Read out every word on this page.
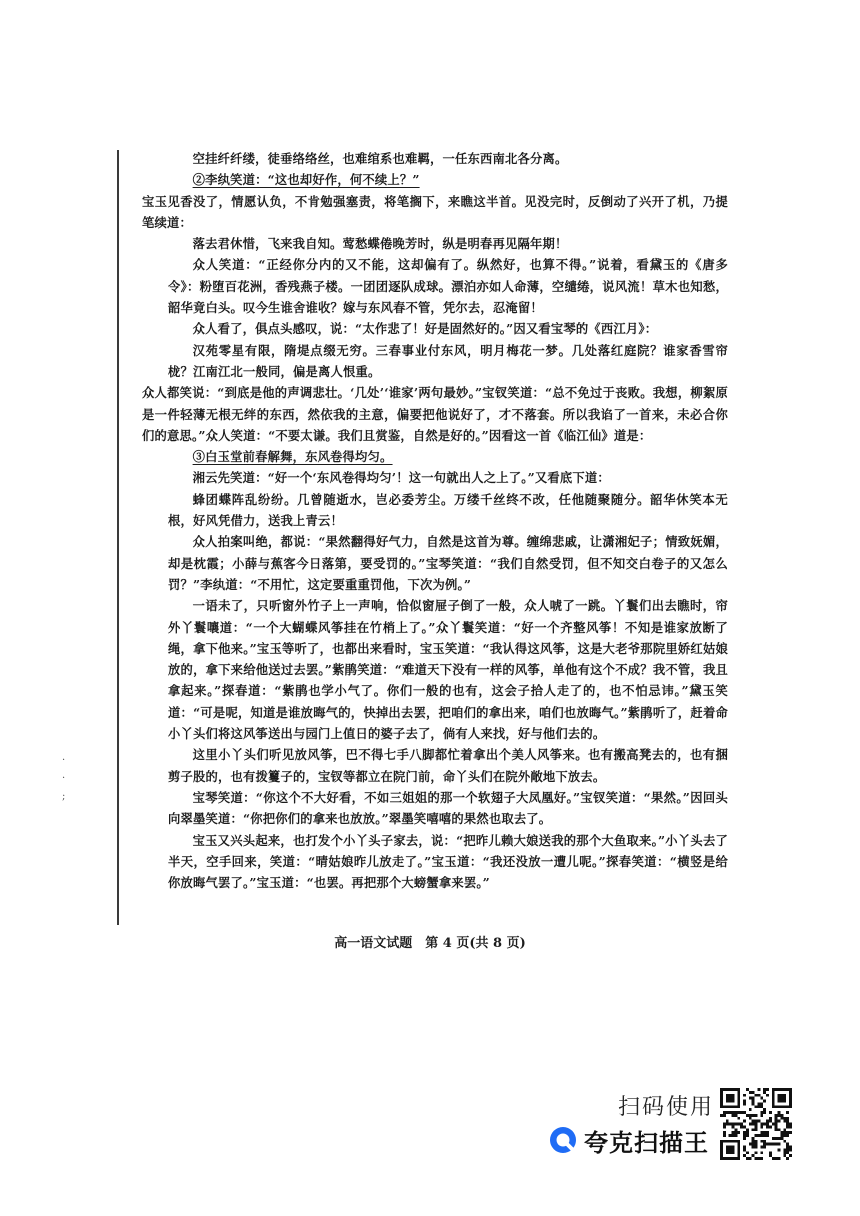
·
·
;

空挂纤纤缕，徒垂络络丝，也难绾系也难羁，一任东西南北各分离。

②李纨笑道：“这也却好作，何不续上？”

宝玉见香没了，情愿认负，不肯勉强塞责，将笔搁下，来瞧这半首。见没完时，反倒动了兴开了机，乃提笔续道：

落去君休惜，飞来我自知。莺愁蝶倦晚芳时，纵是明春再见隔年期！

众人笑道：“正经你分内的又不能，这却偏有了。纵然好，也算不得。”说着，看黛玉的《唐多令》：粉堕百花洲，香残燕子楼。一团团逐队成球。漂泊亦如人命薄，空缱绻，说风流！草木也知愁，韶华竟白头。叹今生谁舍谁收？嫁与东风春不管，凭尔去，忍淹留！

众人看了，俱点头感叹，说：“太作悲了！好是固然好的。”因又看宝琴的《西江月》：

汉苑零星有限，隋堤点缀无穷。三春事业付东风，明月梅花一梦。几处落红庭院？谁家香雪帘栊？江南江北一般同，偏是离人恨重。

众人都笑说：“到底是他的声调悲壮。‘几处’‘谁家’两句最妙。”宝钗笑道：“总不免过于丧败。我想，柳絮原是一件轻薄无根无绊的东西，然依我的主意，偏要把他说好了，才不落套。所以我谄了一首来，未必合你们的意思。”众人笑道：“不要太谦。我们且赏鉴，自然是好的。”因看这一首《临江仙》道是：

③白玉堂前春解舞，东风卷得均匀。

湘云先笑道：“好一个‘东风卷得均匀’！这一句就出人之上了。”又看底下道：

蜂团蝶阵乱纷纷。几曾随逝水，岂必委芳尘。万缕千丝终不改，任他随聚随分。韶华休笑本无根，好风凭借力，送我上青云！

众人拍案叫绝，都说：“果然翻得好气力，自然是这首为尊。缠绵悲戚，让潇湘妃子；情致妩媚，却是枕霞；小薛与蕉客今日落第，要受罚的。”宝琴笑道：“我们自然受罚，但不知交白卷子的又怎么罚？”李纨道：“不用忙，这定要重重罚他，下次为例。”

一语未了，只听窗外竹子上一声响，恰似窗屉子倒了一般，众人唬了一跳。丫鬟们出去瞧时，帘外丫鬟嚷道：“一个大蝴蝶风筝挂在竹梢上了。”众丫鬟笑道：“好一个齐整风筝！不知是谁家放断了绳，拿下他来。”宝玉等听了，也都出来看时，宝玉笑道：“我认得这风筝，这是大老爷那院里娇红姑娘放的，拿下来给他送过去罢。”紫鹃笑道：“难道天下没有一样的风筝，单他有这个不成？我不管，我且拿起来。”探春道：“紫鹃也学小气了。你们一般的也有，这会子拾人走了的，也不怕忌讳。”黛玉笑道：“可是呢，知道是谁放晦气的，快掉出去罢，把咱们的拿出来，咱们也放晦气。”紫鹃听了，赶着命小丫头们将这风筝送出与园门上值日的婆子去了，倘有人来找，好与他们去的。

这里小丫头们听见放风筝，巴不得七手八脚都忙着拿出个美人风筝来。也有搬高凳去的，也有捆剪子股的，也有拨籰子的，宝钗等都立在院门前，命丫头们在院外敞地下放去。

宝琴笑道：“你这个不大好看，不如三姐姐的那一个软翅子大凤凰好。”宝钗笑道：“果然。”因回头向翠墨笑道：“你把你们的拿来也放放。”翠墨笑嘻嘻的果然也取去了。

宝玉又兴头起来，也打发个小丫头子家去，说：“把昨儿赖大娘送我的那个大鱼取来。”小丫头去了半天，空手回来，笑道：“晴姑娘昨儿放走了。”宝玉道：“我还没放一遭儿呢。”探春笑道：“横竖是给你放晦气罢了。”宝玉道：“也罢。再把那个大螃蟹拿来罢。”

高一语文试题　第 4 页(共 8 页)
扫码使用
夸克扫描王
